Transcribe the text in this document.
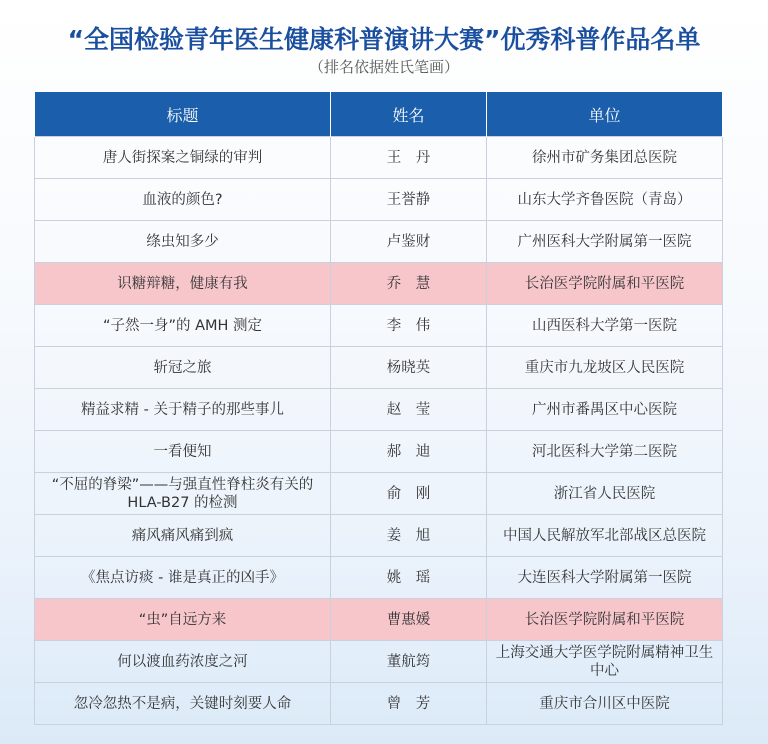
“全国检验青年医生健康科普演讲大赛”优秀科普作品名单
（排名依据姓氏笔画）
标题	姓名	单位
唐人街探案之铜绿的审判	王　丹	徐州市矿务集团总医院
血液的颜色?	王誉静	山东大学齐鲁医院（青岛）
绦虫知多少	卢鉴财	广州医科大学附属第一医院
识糖辩糖，健康有我	乔　慧	长治医学院附属和平医院
“子然一身”的 AMH 测定	李　伟	山西医科大学第一医院
斩冠之旅	杨晓英	重庆市九龙坡区人民医院
精益求精 - 关于精子的那些事儿	赵　莹	广州市番禺区中心医院
一看便知	郝　迪	河北医科大学第二医院
“不屈的脊梁”——与强直性脊柱炎有关的 HLA-B27 的检测	俞　刚	浙江省人民医院
痛风痛风痛到疯	姜　旭	中国人民解放军北部战区总医院
《焦点访痰 - 谁是真正的凶手》	姚　瑶	大连医科大学附属第一医院
“虫”自远方来	曹惠媛	长治医学院附属和平医院
何以渡血药浓度之河	董航筠	上海交通大学医学院附属精神卫生中心
忽冷忽热不是病，关键时刻要人命	曾　芳	重庆市合川区中医院
